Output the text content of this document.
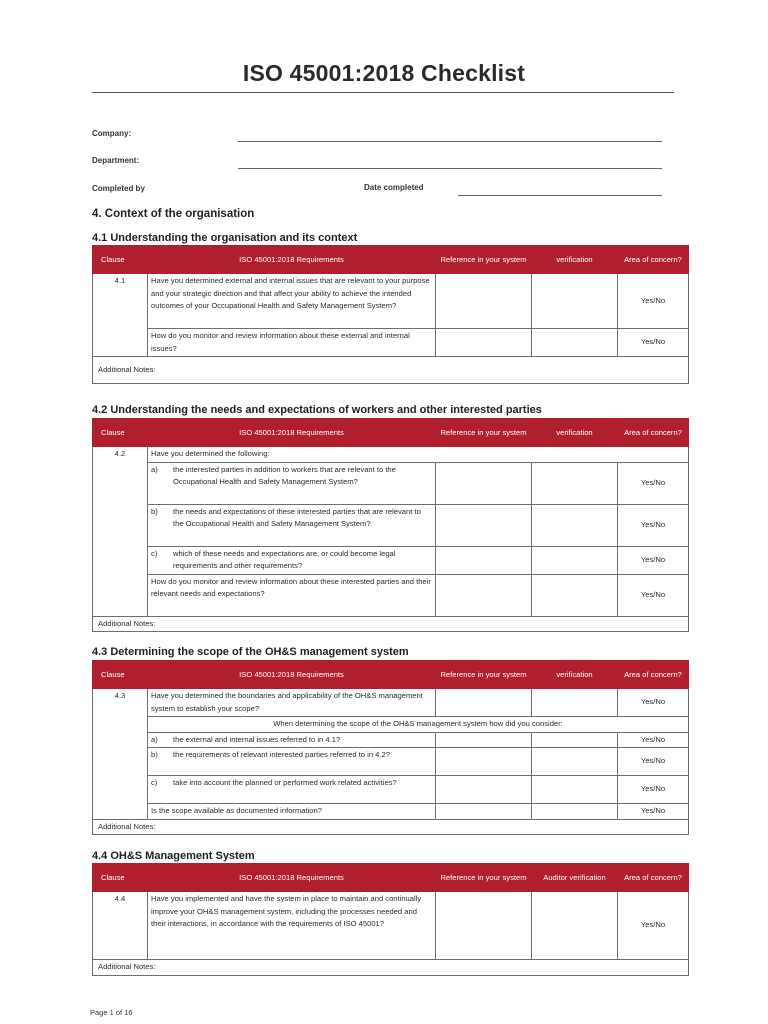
ISO 45001:2018 Checklist
Company:
Department:
Completed by	Date completed
4. Context of the organisation
4.1 Understanding the organisation and its context
Clause	ISO 45001:2018 Requirements	Reference in your system	verification	Area of concern?
4.1	Have you determined external and internal issues that are relevant to your purpose and your strategic direction and that affect your ability to achieve the intended outcomes of your Occupational Health and Safety Management System?			Yes/No
	How do you monitor and review information about these external and internal issues?			Yes/No
Additional Notes:				
4.2 Understanding the needs and expectations of workers and other interested parties
Clause	ISO 45001:2018 Requirements	Reference in your system	verification	Area of concern?
4.2	Have you determined the following:			

	a) the interested parties in addition to workers that are relevant to the Occupational Health and Safety Management System?			Yes/No

	b) the needs and expectations of these interested parties that are relevant to the Occupational Health and Safety Management System?			Yes/No

	c) which of these needs and expectations are, or could become legal requirements and other requirements?			Yes/No
	How do you monitor and review information about these interested parties and their relevant needs and expectations?			Yes/No
Additional Notes:				
4.3 Determining the scope of the OH&S management system
Clause	ISO 45001:2018 Requirements	Reference in your system	verification	Area of concern?
4.3	Have you determined the boundaries and applicability of the OH&S management system to establish your scope?			Yes/No

	When determining the scope of the OH&S management system how did you consider:			

	a) the external and internal issues referred to in 4.1?			Yes/No

	b) the requirements of relevant interested parties referred to in 4.2?			Yes/No

	c) take into account the planned or performed work related activities?			Yes/No
	Is the scope available as documented information?			Yes/No
Additional Notes:				
4.4 OH&S Management System
Clause	ISO 45001:2018 Requirements	Reference in your system	Auditor verification	Area of concern?
4.4	Have you implemented and have the system in place to maintain and continually improve your OH&S management system, including the processes needed and their interactions, in accordance with the requirements of ISO 45001?			Yes/No
Additional Notes:				
Page 1 of 16
